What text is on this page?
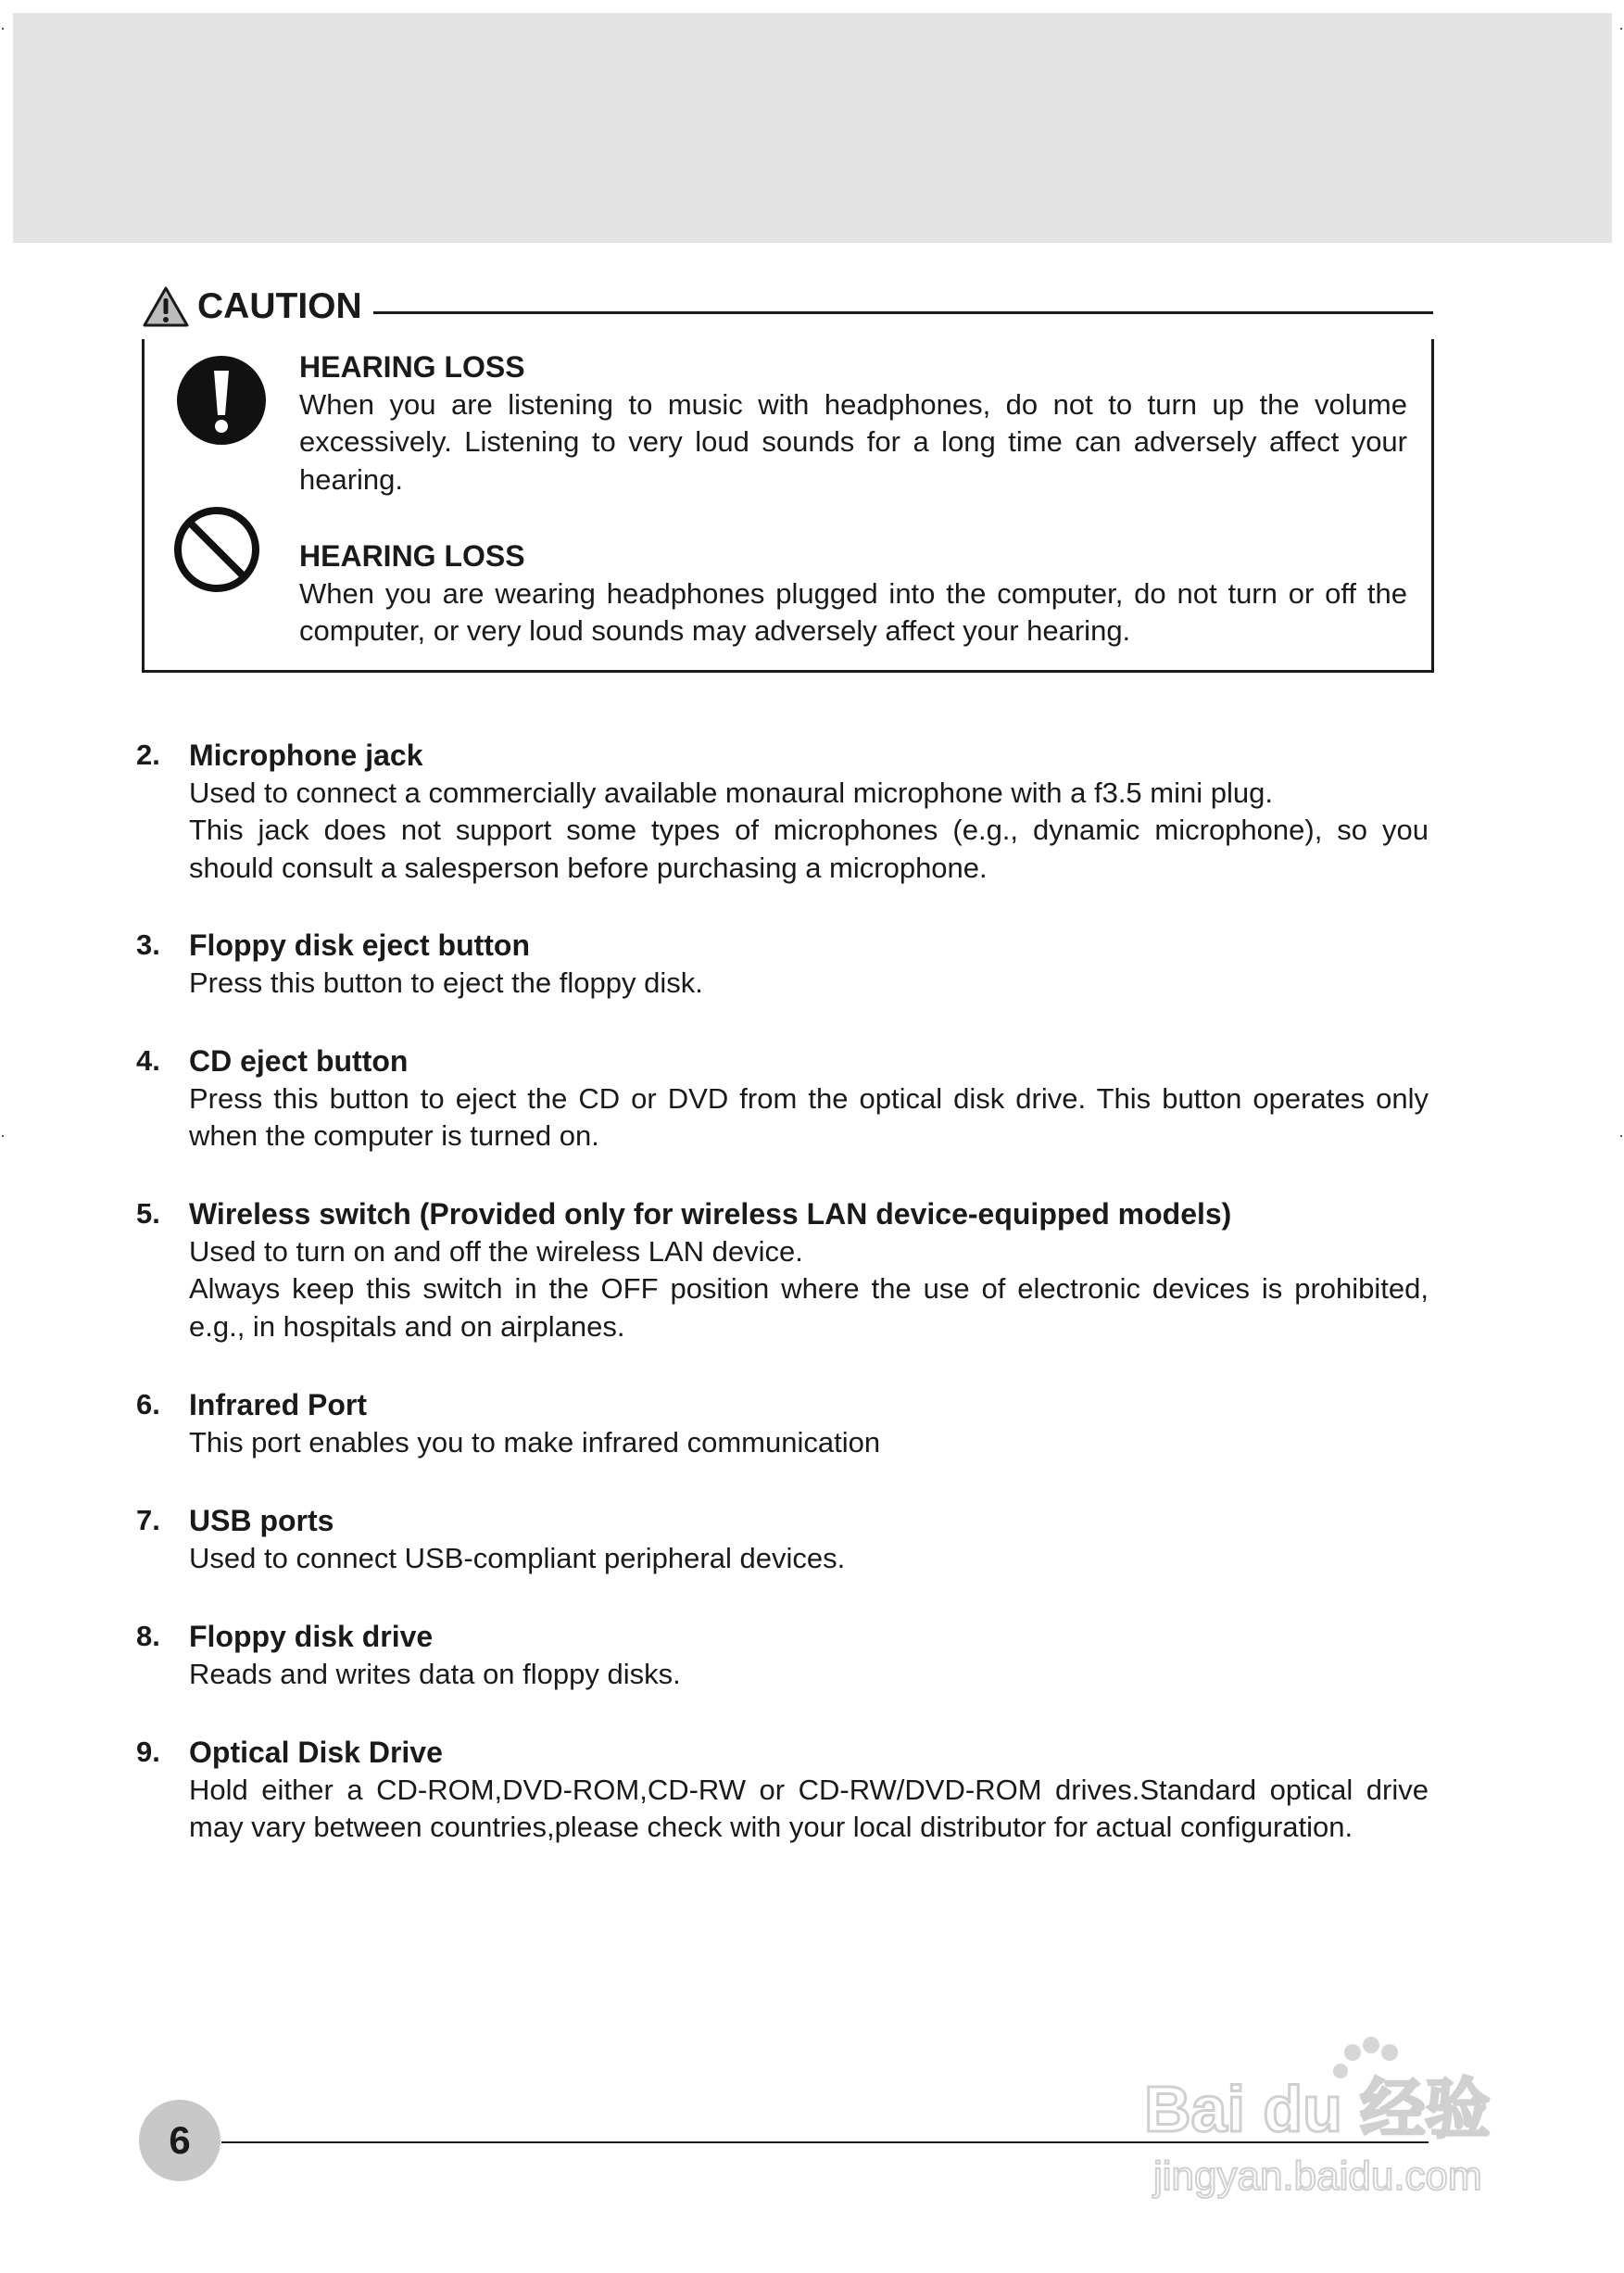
CAUTION
HEARING LOSS

When you are listening to music with headphones, do not to turn up the volume excessively. Listening to very loud sounds for a long time can adversely affect your hearing.

HEARING LOSS

When you are wearing headphones plugged into the computer, do not turn or off the computer, or very loud sounds may adversely affect your hearing.

2. Microphone jack

Used to connect a commercially available monaural microphone with a f3.5 mini plug.

This jack does not support some types of microphones (e.g., dynamic microphone), so you should consult a salesperson before purchasing a microphone.

3. Floppy disk eject button

Press this button to eject the floppy disk.

4. CD eject button

Press this button to eject the CD or DVD from the optical disk drive. This button operates only when the computer is turned on.

5. Wireless switch (Provided only for wireless LAN device-equipped models)

Used to turn on and off the wireless LAN device.

Always keep this switch in the OFF position where the use of electronic devices is prohibited, e.g., in hospitals and on airplanes.

6. Infrared Port

This port enables you to make infrared communication

7. USB ports

Used to connect USB-compliant peripheral devices.

8. Floppy disk drive

Reads and writes data on floppy disks.

9. Optical Disk Drive

Hold either a CD-ROM,DVD-ROM,CD-RW or CD-RW/DVD-ROM drives.Standard optical drive may vary between countries,please check with your local distributor for actual configuration.

6	Bai du 经验
jingyan.baidu.com
